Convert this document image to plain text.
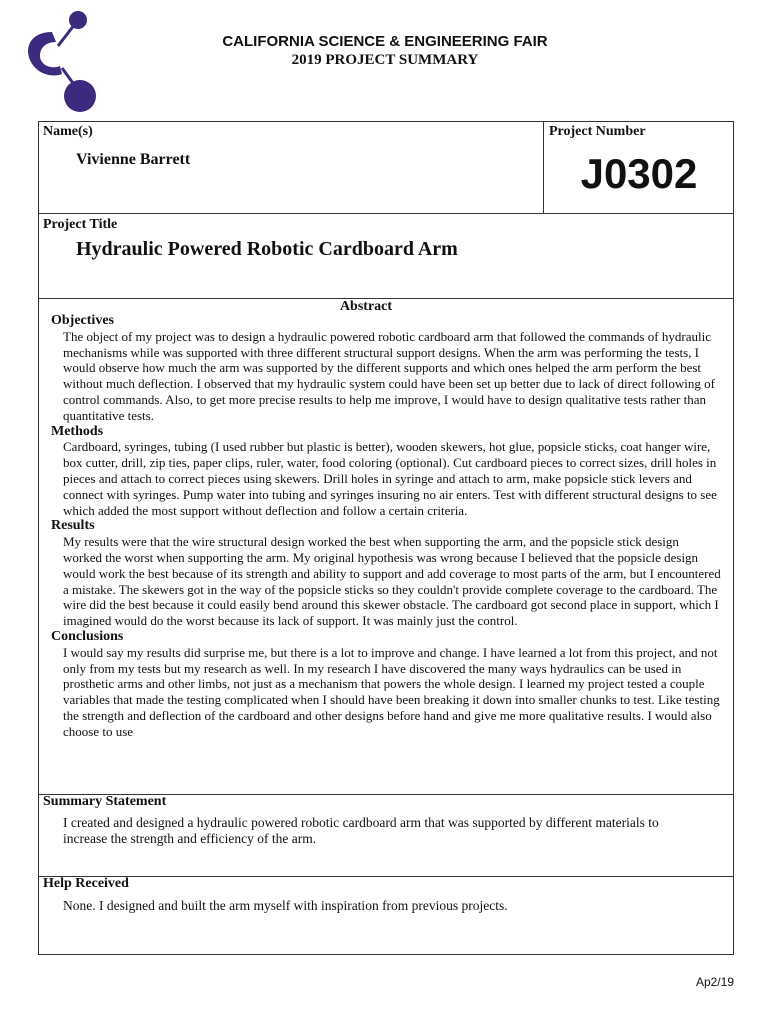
CALIFORNIA SCIENCE & ENGINEERING FAIR
2019 PROJECT SUMMARY
Name(s)
Vivienne Barrett
Project Number
J0302
Project Title
Hydraulic Powered Robotic Cardboard Arm
Abstract
Objectives
The object of my project was to design a hydraulic powered robotic cardboard arm that followed the commands of hydraulic mechanisms while was supported with three different structural support designs. When the arm was performing the tests, I would observe how much the arm was supported by the different supports and which ones helped the arm perform the best without much deflection. I observed that my hydraulic system could have been set up better due to lack of direct following of control commands. Also, to get more precise results to help me improve, I would have to design qualitative tests rather than quantitative tests.
Methods
Cardboard, syringes, tubing (I used rubber but plastic is better), wooden skewers, hot glue, popsicle sticks, coat hanger wire, box cutter, drill, zip ties, paper clips, ruler, water, food coloring (optional). Cut cardboard pieces to correct sizes, drill holes in pieces and attach to correct pieces using skewers. Drill holes in syringe and attach to arm, make popsicle stick levers and connect with syringes. Pump water into tubing and syringes insuring no air enters. Test with different structural designs to see which added the most support without deflection and follow a certain criteria.
Results
My results were that the wire structural design worked the best when supporting the arm, and the popsicle stick design worked the worst when supporting the arm. My original hypothesis was wrong because I believed that the popsicle design would work the best because of its strength and ability to support and add coverage to most parts of the arm, but I encountered a mistake. The skewers got in the way of the popsicle sticks so they couldn't provide complete coverage to the cardboard. The wire did the best because it could easily bend around this skewer obstacle. The cardboard got second place in support, which I imagined would do the worst because its lack of support. It was mainly just the control.
Conclusions
I would say my results did surprise me, but there is a lot to improve and change. I have learned a lot from this project, and not only from my tests but my research as well. In my research I have discovered the many ways hydraulics can be used in prosthetic arms and other limbs, not just as a mechanism that powers the whole design. I learned my project tested a couple variables that made the testing complicated when I should have been breaking it down into smaller chunks to test. Like testing the strength and deflection of the cardboard and other designs before hand and give me more qualitative results. I would also choose to use
Summary Statement
I created and designed a hydraulic powered robotic cardboard arm that was supported by different materials to increase the strength and efficiency of the arm.
Help Received
None. I designed and built the arm myself with inspiration from previous projects.
Ap2/19
